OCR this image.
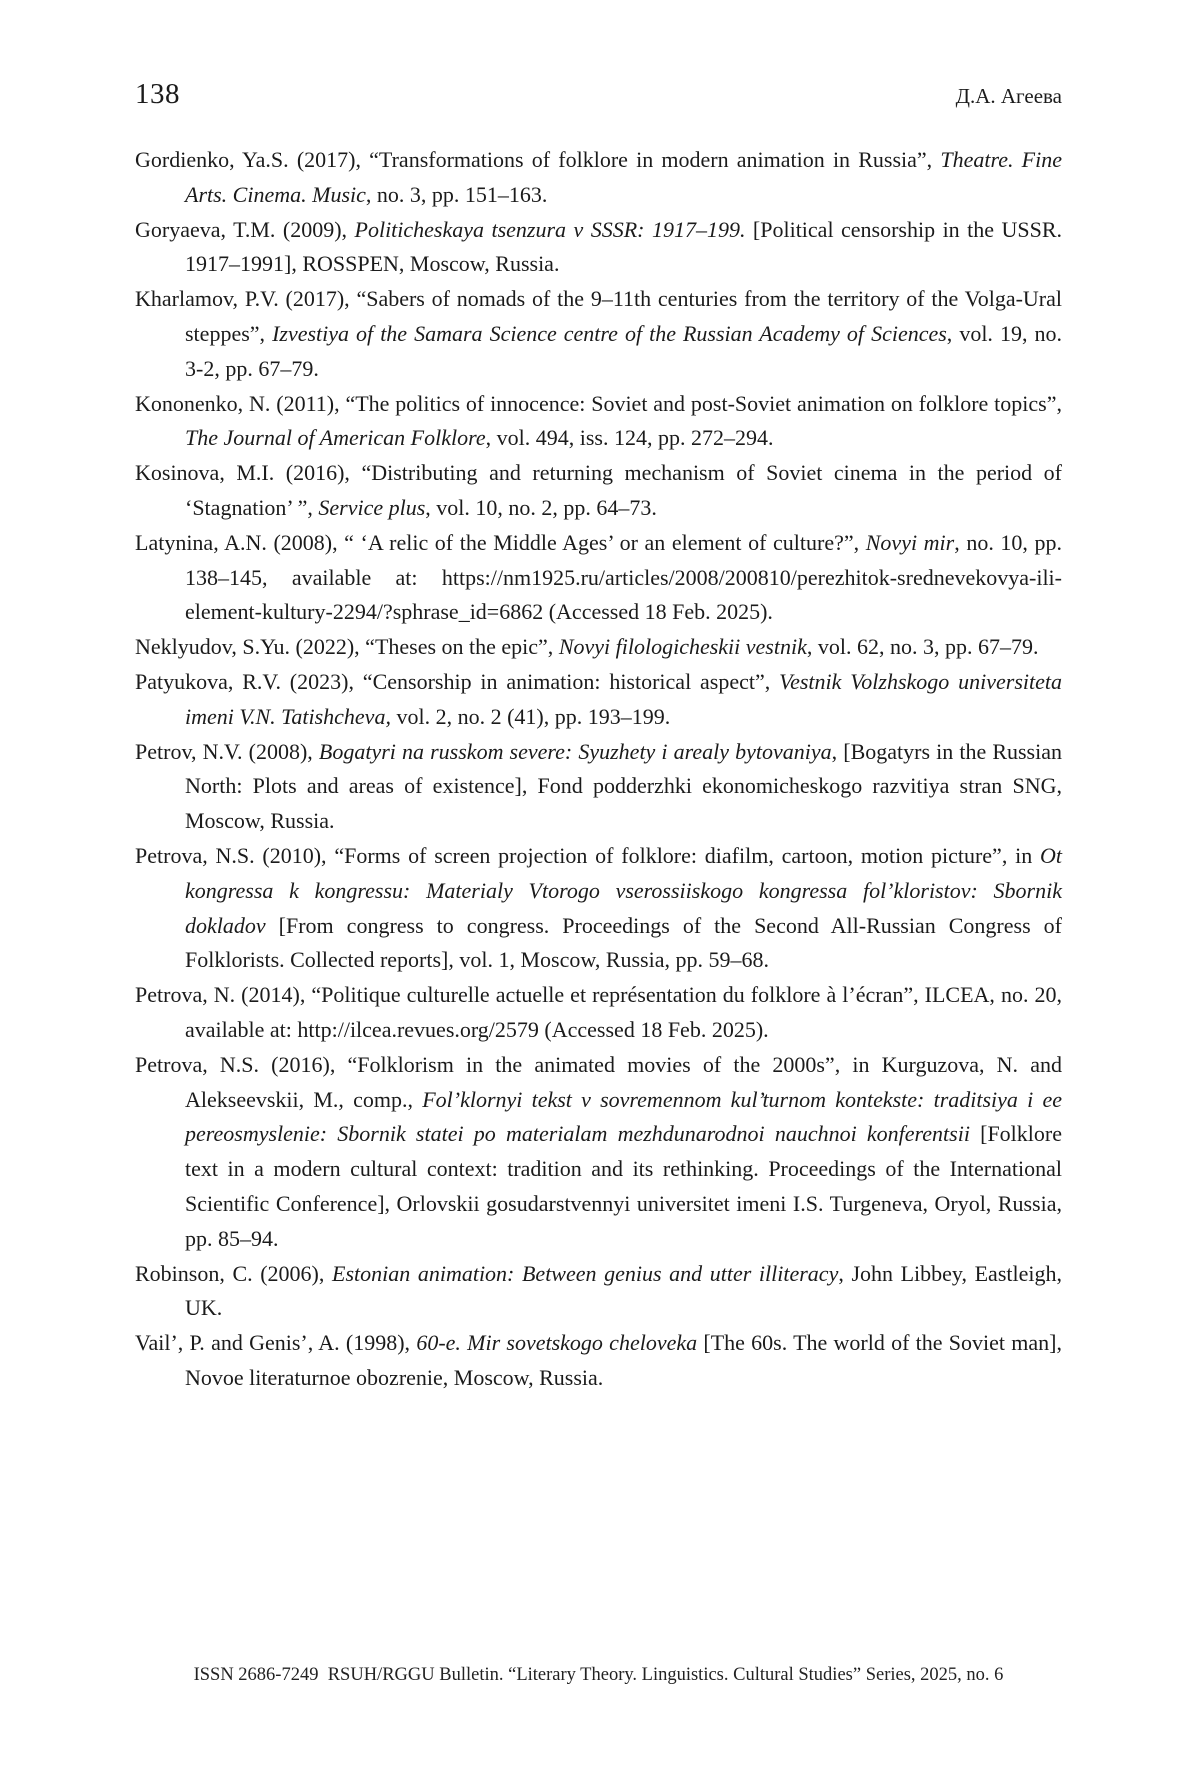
138	Д.А. Агеева

Gordienko, Ya.S. (2017), “Transformations of folklore in modern animation in Russia”, Theatre. Fine Arts. Cinema. Music, no. 3, pp. 151–163.

Goryaeva, T.M. (2009), Politicheskaya tsenzura v SSSR: 1917–199. [Political censorship in the USSR. 1917–1991], ROSSPEN, Moscow, Russia.

Kharlamov, P.V. (2017), “Sabers of nomads of the 9–11th centuries from the territory of the Volga-Ural steppes”, Izvestiya of the Samara Science centre of the Russian Academy of Sciences, vol. 19, no. 3-2, pp. 67–79.

Kononenko, N. (2011), “The politics of innocence: Soviet and post-Soviet animation on folklore topics”, The Journal of American Folklore, vol. 494, iss. 124, pp. 272–294.

Kosinova, M.I. (2016), “Distributing and returning mechanism of Soviet cinema in the period of ‘Stagnation’ ”, Service plus, vol. 10, no. 2, pp. 64–73.

Latynina, A.N. (2008), “ ‘A relic of the Middle Ages’ or an element of culture?”, Novyi mir, no. 10, pp. 138–145, available at: https://nm1925.ru/articles/2008/200810/perezhitok-srednevekovya-ili-element-kultury-2294/?sphrase_id=6862 (Accessed 18 Feb. 2025).

Neklyudov, S.Yu. (2022), “Theses on the epic”, Novyi filologicheskii vestnik, vol. 62, no. 3, pp. 67–79.

Patyukova, R.V. (2023), “Censorship in animation: historical aspect”, Vestnik Volzhskogo universiteta imeni V.N. Tatishcheva, vol. 2, no. 2 (41), pp. 193–199.

Petrov, N.V. (2008), Bogatyri na russkom severe: Syuzhety i arealy bytovaniya, [Bogatyrs in the Russian North: Plots and areas of existence], Fond podderzhki ekonomicheskogo razvitiya stran SNG, Moscow, Russia.

Petrova, N.S. (2010), “Forms of screen projection of folklore: diafilm, cartoon, motion picture”, in Ot kongressa k kongressu: Materialy Vtorogo vserossiiskogo kongressa fol’kloristov: Sbornik dokladov [From congress to congress. Proceedings of the Second All-Russian Congress of Folklorists. Collected reports], vol. 1, Moscow, Russia, pp. 59–68.

Petrova, N. (2014), “Politique culturelle actuelle et représentation du folklore à l’écran”, ILCEA, no. 20, available at: http://ilcea.revues.org/2579 (Accessed 18 Feb. 2025).

Petrova, N.S. (2016), “Folklorism in the animated movies of the 2000s”, in Kurguzova, N. and Alekseevskii, M., comp., Fol’klornyi tekst v sovremennom kul’turnom kontekste: traditsiya i ee pereosmyslenie: Sbornik statei po materialam mezhdunarodnoi nauchnoi konferentsii [Folklore text in a modern cultural context: tradition and its rethinking. Proceedings of the International Scientific Conference], Orlovskii gosudarstvennyi universitet imeni I.S. Turgeneva, Oryol, Russia, pp. 85–94.

Robinson, C. (2006), Estonian animation: Between genius and utter illiteracy, John Libbey, Eastleigh, UK.

Vail’, P. and Genis’, A. (1998), 60-e. Mir sovetskogo cheloveka [The 60s. The world of the Soviet man], Novoe literaturnoe obozrenie, Moscow, Russia.

ISSN 2686-7249 RSUH/RGGU Bulletin. “Literary Theory. Linguistics. Cultural Studies” Series, 2025, no. 6
